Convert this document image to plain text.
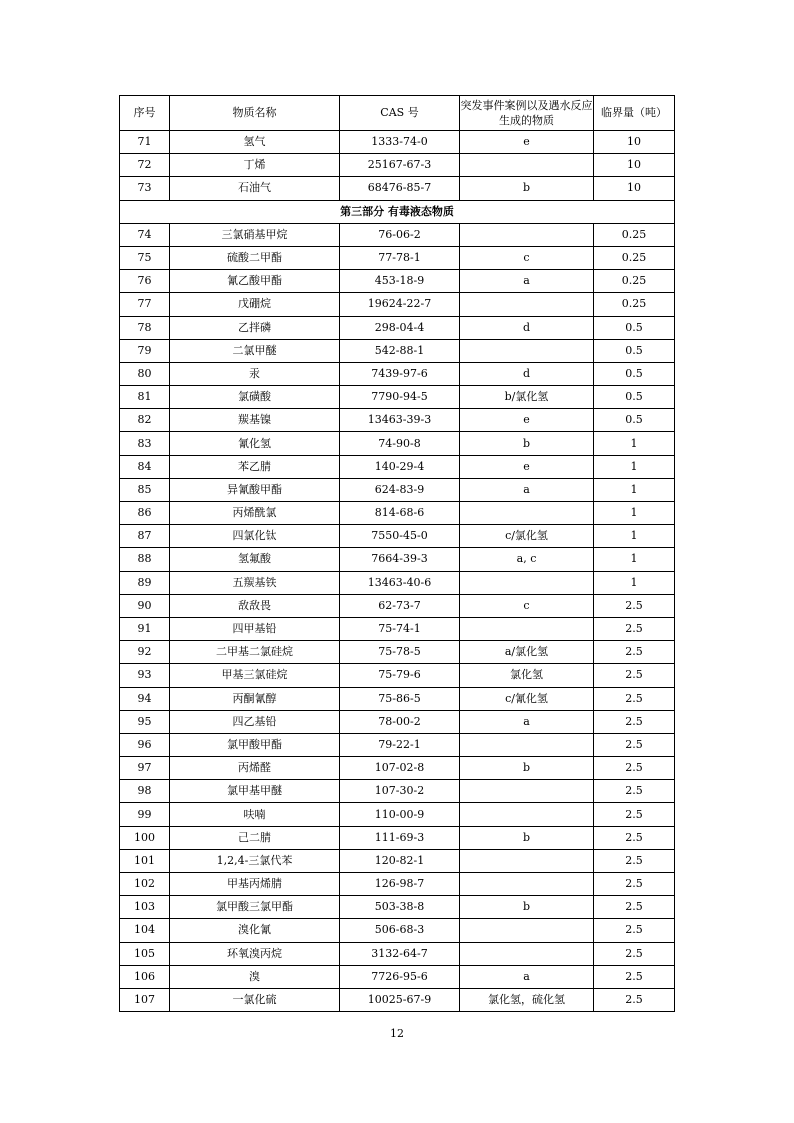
序号	物质名称	CAS 号	突发事件案例以及遇水反应生成的物质	临界量（吨）
71	氢气	1333-74-0	e	10
72	丁烯	25167-67-3		10
73	石油气	68476-85-7	b	10
第三部分 有毒液态物质				
74	三氯硝基甲烷	76-06-2		0.25
75	硫酸二甲酯	77-78-1	c	0.25
76	氰乙酸甲酯	453-18-9	a	0.25
77	戊硼烷	19624-22-7		0.25
78	乙拌磷	298-04-4	d	0.5
79	二氯甲醚	542-88-1		0.5
80	汞	7439-97-6	d	0.5
81	氯磺酸	7790-94-5	b/氯化氢	0.5
82	羰基镍	13463-39-3	e	0.5
83	氰化氢	74-90-8	b	1
84	苯乙腈	140-29-4	e	1
85	异氰酸甲酯	624-83-9	a	1
86	丙烯酰氯	814-68-6		1
87	四氯化钛	7550-45-0	c/氯化氢	1
88	氢氟酸	7664-39-3	a, c	1
89	五羰基铁	13463-40-6		1
90	敌敌畏	62-73-7	c	2.5
91	四甲基铅	75-74-1		2.5
92	二甲基二氯硅烷	75-78-5	a/氯化氢	2.5
93	甲基三氯硅烷	75-79-6	氯化氢	2.5
94	丙酮氰醇	75-86-5	c/氰化氢	2.5
95	四乙基铅	78-00-2	a	2.5
96	氯甲酸甲酯	79-22-1		2.5
97	丙烯醛	107-02-8	b	2.5
98	氯甲基甲醚	107-30-2		2.5
99	呋喃	110-00-9		2.5
100	己二腈	111-69-3	b	2.5
101	1,2,4-三氯代苯	120-82-1		2.5
102	甲基丙烯腈	126-98-7		2.5
103	氯甲酸三氯甲酯	503-38-8	b	2.5
104	溴化氰	506-68-3		2.5
105	环氧溴丙烷	3132-64-7		2.5
106	溴	7726-95-6	a	2.5
107	一氯化硫	10025-67-9	氯化氢，硫化氢	2.5
12
